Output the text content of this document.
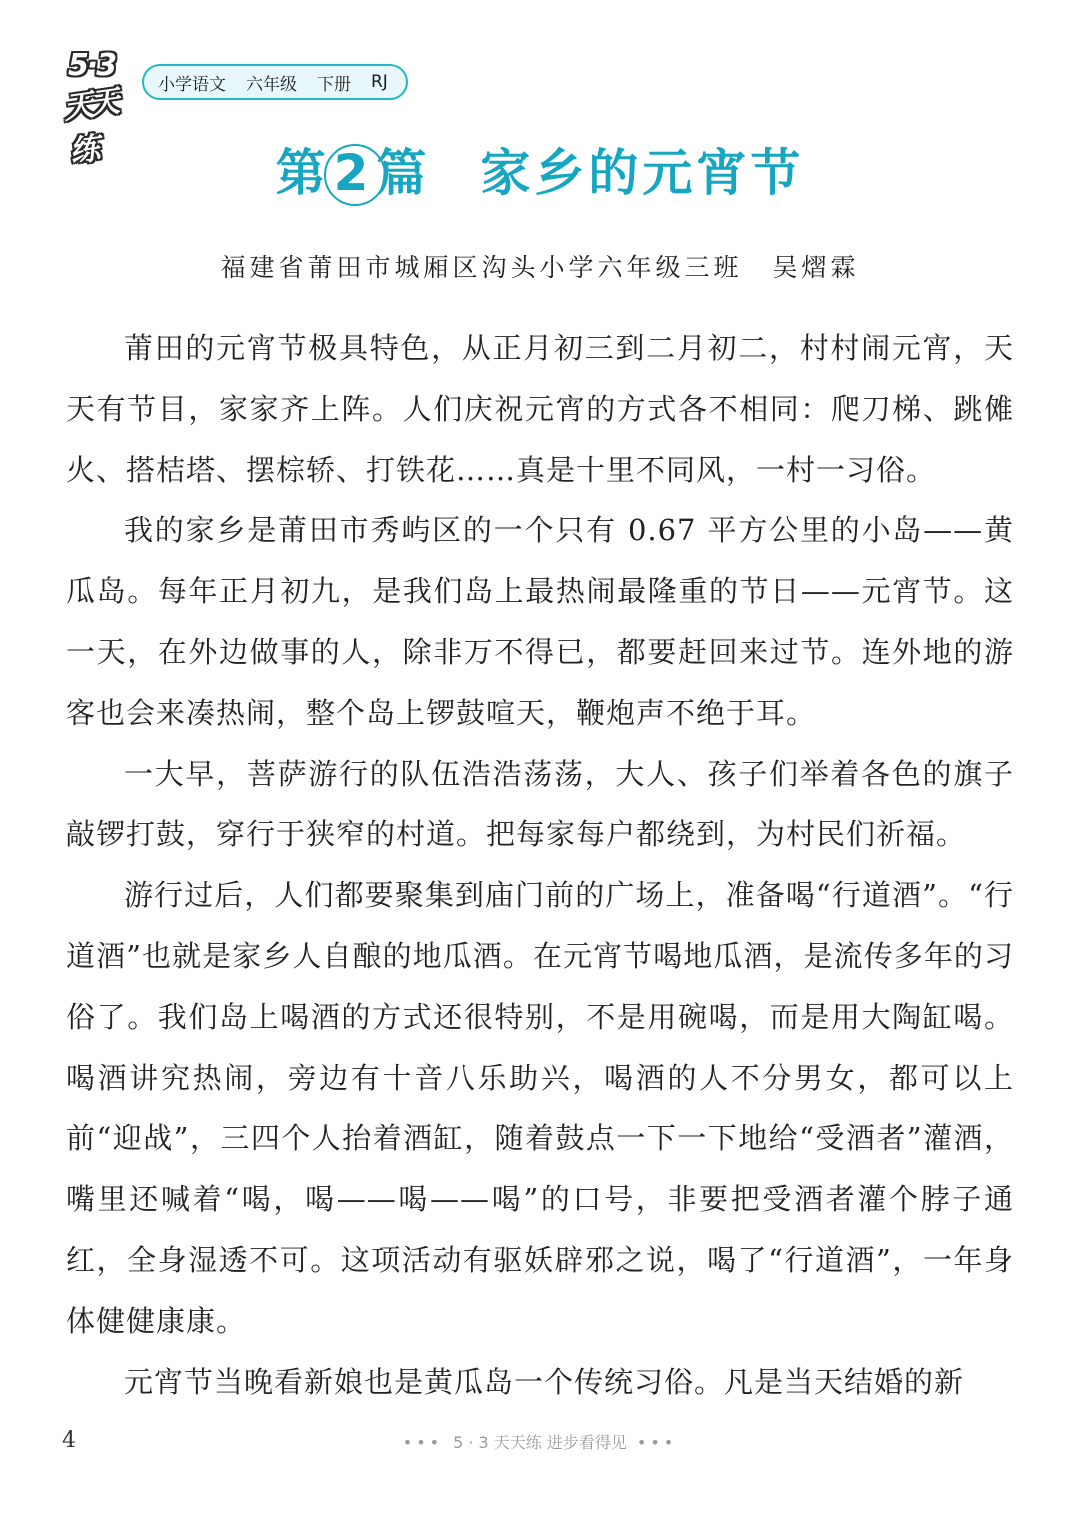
5·3
天天练
小学语文 六年级 下册 RJ
第2篇 家乡的元宵节
福建省莆田市城厢区沟头小学六年级三班 吴熠霖

莆田的元宵节极具特色，从正月初三到二月初二，村村闹元宵，天天有节目，家家齐上阵。人们庆祝元宵的方式各不相同：爬刀梯、跳傩火、搭桔塔、摆棕轿、打铁花……真是十里不同风，一村一习俗。

我的家乡是莆田市秀屿区的一个只有 0.67 平方公里的小岛——黄瓜岛。每年正月初九，是我们岛上最热闹最隆重的节日——元宵节。这一天，在外边做事的人，除非万不得已，都要赶回来过节。连外地的游客也会来凑热闹，整个岛上锣鼓喧天，鞭炮声不绝于耳。

一大早，菩萨游行的队伍浩浩荡荡，大人、孩子们举着各色的旗子敲锣打鼓，穿行于狭窄的村道。把每家每户都绕到，为村民们祈福。

游行过后，人们都要聚集到庙门前的广场上，准备喝“行道酒”。“行道酒”也就是家乡人自酿的地瓜酒。在元宵节喝地瓜酒，是流传多年的习俗了。我们岛上喝酒的方式还很特别，不是用碗喝，而是用大陶缸喝。喝酒讲究热闹，旁边有十音八乐助兴，喝酒的人不分男女，都可以上前“迎战”，三四个人抬着酒缸，随着鼓点一下一下地给“受酒者”灌酒，嘴里还喊着“喝，喝——喝——喝”的口号，非要把受酒者灌个脖子通红，全身湿透不可。这项活动有驱妖辟邪之说，喝了“行道酒”，一年身体健健康康。

元宵节当晚看新娘也是黄瓜岛一个传统习俗。凡是当天结婚的新

4	••• 5 · 3 天天练 进步看得见 •••
